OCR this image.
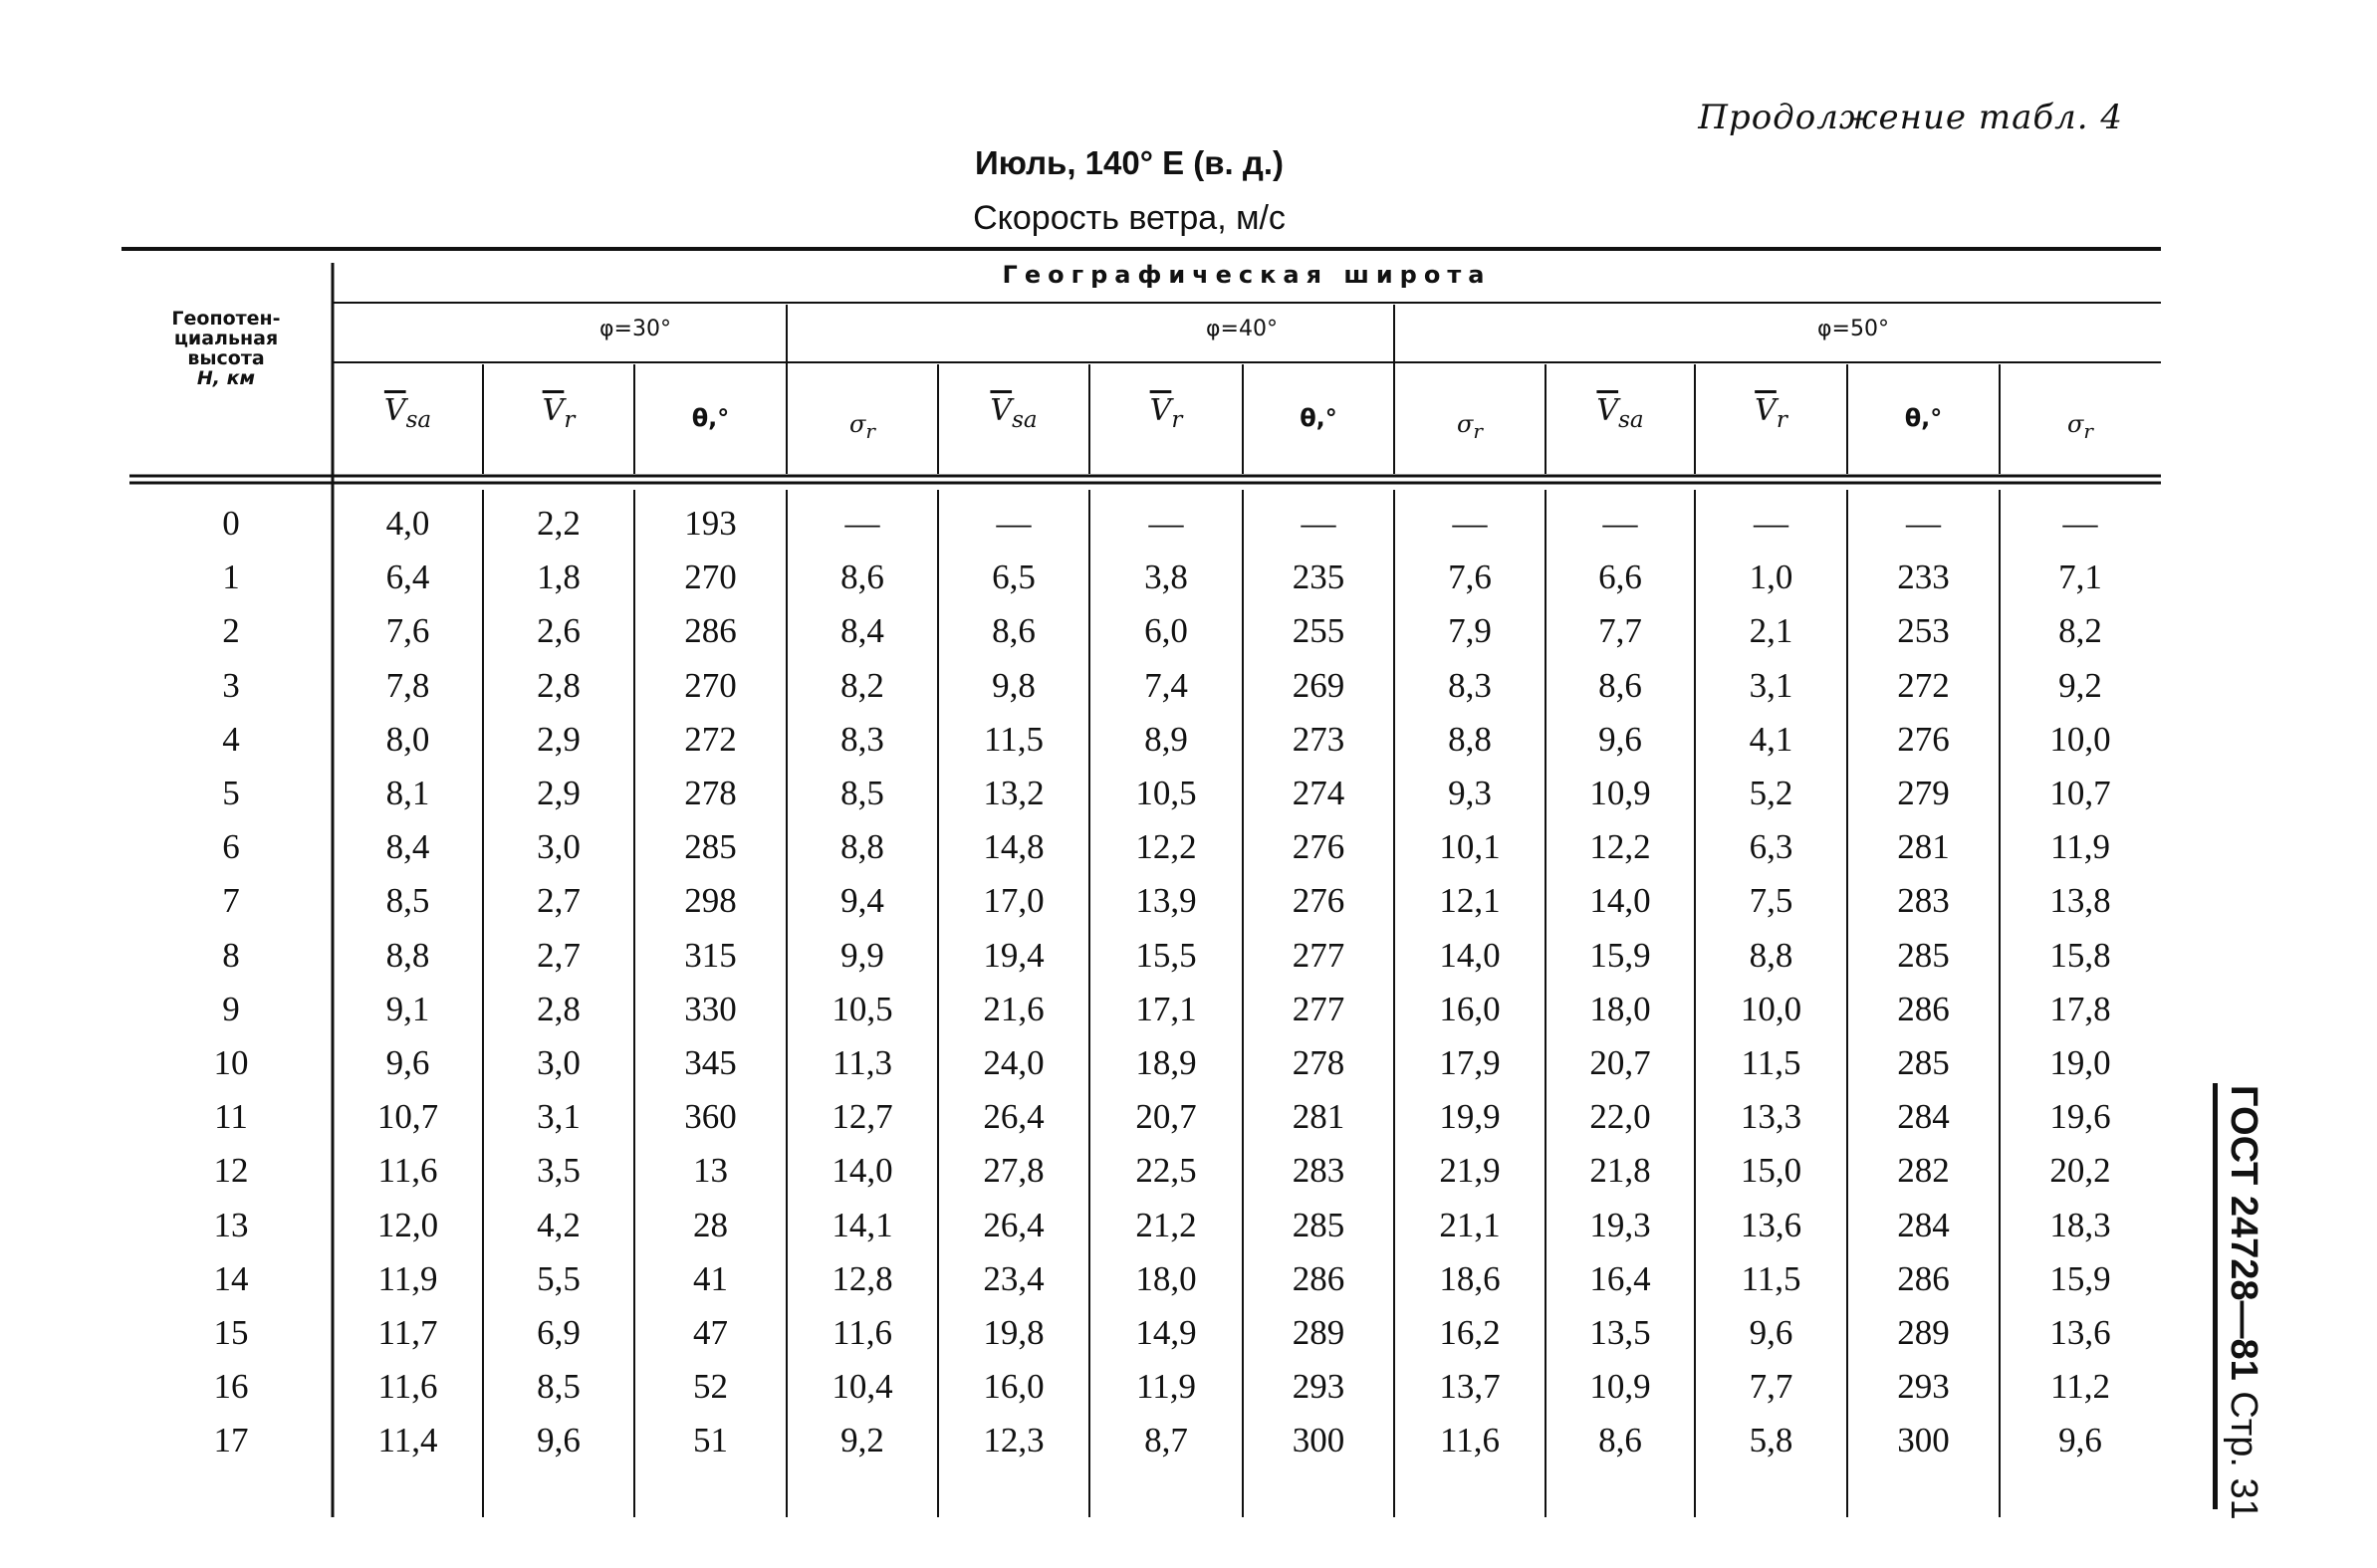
Продолжение табл. 4
Июль, 140° E (в. д.)
Скорость ветра, м/с
Геопотен-
циальная
высота
H, км
Географическая широта
φ=30°	φ=40°	φ=50°
$\overline{V}_{sa}$	$\overline{V}_r$	θ,°	$\sigma_r$
$\overline{V}_{sa}$	$\overline{V}_r$	θ,°	$\sigma_r$
$\overline{V}_{sa}$	$\overline{V}_r$	θ,°	$\sigma_r$
0	4,0	2,2	193	—	—	—	—	—	—	—	—	—
1	6,4	1,8	270	8,6	6,5	3,8	235	7,6	6,6	1,0	233	7,1
2	7,6	2,6	286	8,4	8,6	6,0	255	7,9	7,7	2,1	253	8,2
3	7,8	2,8	270	8,2	9,8	7,4	269	8,3	8,6	3,1	272	9,2
4	8,0	2,9	272	8,3	11,5	8,9	273	8,8	9,6	4,1	276	10,0
5	8,1	2,9	278	8,5	13,2	10,5	274	9,3	10,9	5,2	279	10,7
6	8,4	3,0	285	8,8	14,8	12,2	276	10,1	12,2	6,3	281	11,9
7	8,5	2,7	298	9,4	17,0	13,9	276	12,1	14,0	7,5	283	13,8
8	8,8	2,7	315	9,9	19,4	15,5	277	14,0	15,9	8,8	285	15,8
9	9,1	2,8	330	10,5	21,6	17,1	277	16,0	18,0	10,0	286	17,8
10	9,6	3,0	345	11,3	24,0	18,9	278	17,9	20,7	11,5	285	19,0
11	10,7	3,1	360	12,7	26,4	20,7	281	19,9	22,0	13,3	284	19,6
12	11,6	3,5	13	14,0	27,8	22,5	283	21,9	21,8	15,0	282	20,2
13	12,0	4,2	28	14,1	26,4	21,2	285	21,1	19,3	13,6	284	18,3
14	11,9	5,5	41	12,8	23,4	18,0	286	18,6	16,4	11,5	286	15,9
15	11,7	6,9	47	11,6	19,8	14,9	289	16,2	13,5	9,6	289	13,6
16	11,6	8,5	52	10,4	16,0	11,9	293	13,7	10,9	7,7	293	11,2
17	11,4	9,6	51	9,2	12,3	8,7	300	11,6	8,6	5,8	300	9,6
ГОСТ 24728—81 Стр. 31
